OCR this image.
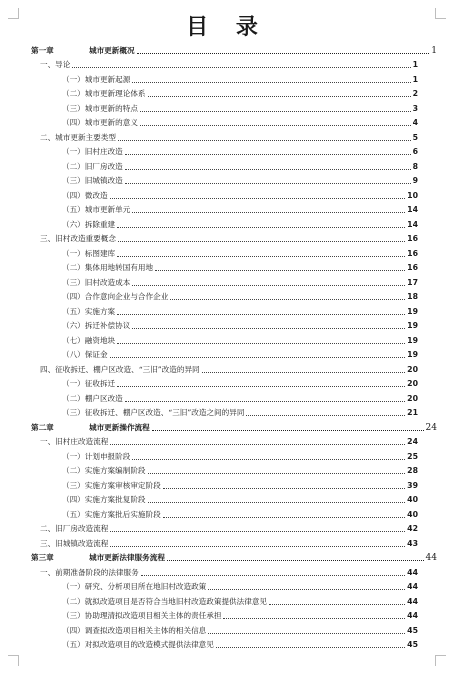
目 录
第一章	城市更新概况	1
一、导论	1
（一）城市更新起源	1
（二）城市更新理论体系	2
（三）城市更新的特点	3
（四）城市更新的意义	4
二、城市更新主要类型	5
（一）旧村庄改造	6
（二）旧厂房改造	8
（三）旧城镇改造	9
（四）微改造	10
（五）城市更新单元	14
（六）拆除重建	14
三、旧村改造重要概念	16
（一）标图建库	16
（二）集体用地转国有用地	16
（三）旧村改造成本	17
（四）合作意向企业与合作企业	18
（五）实施方案	19
（六）拆迁补偿协议	19
（七）融资地块	19
（八）保证金	19
四、征收拆迁、棚户区改造、“三旧”改造的异同	20
（一）征收拆迁	20
（二）棚户区改造	20
（三）征收拆迁、棚户区改造、“三旧”改造之间的异同	21
第二章	城市更新操作流程	24
一、旧村庄改造流程	24
（一）计划申报阶段	25
（二）实施方案编制阶段	28
（三）实施方案审核审定阶段	39
（四）实施方案批复阶段	40
（五）实施方案批后实施阶段	40
二、旧厂房改造流程	42
三、旧城镇改造流程	43
第三章	城市更新法律服务流程	44
一、前期准备阶段的法律服务	44
（一）研究、分析项目所在地旧村改造政策	44
（二）就拟改造项目是否符合当地旧村改造政策提供法律意见	44
（三）协助理清拟改造项目相关主体的责任承担	44
（四）调查拟改造项目相关主体的相关信息	45
（五）对拟改造项目的改造模式提供法律意见	45
